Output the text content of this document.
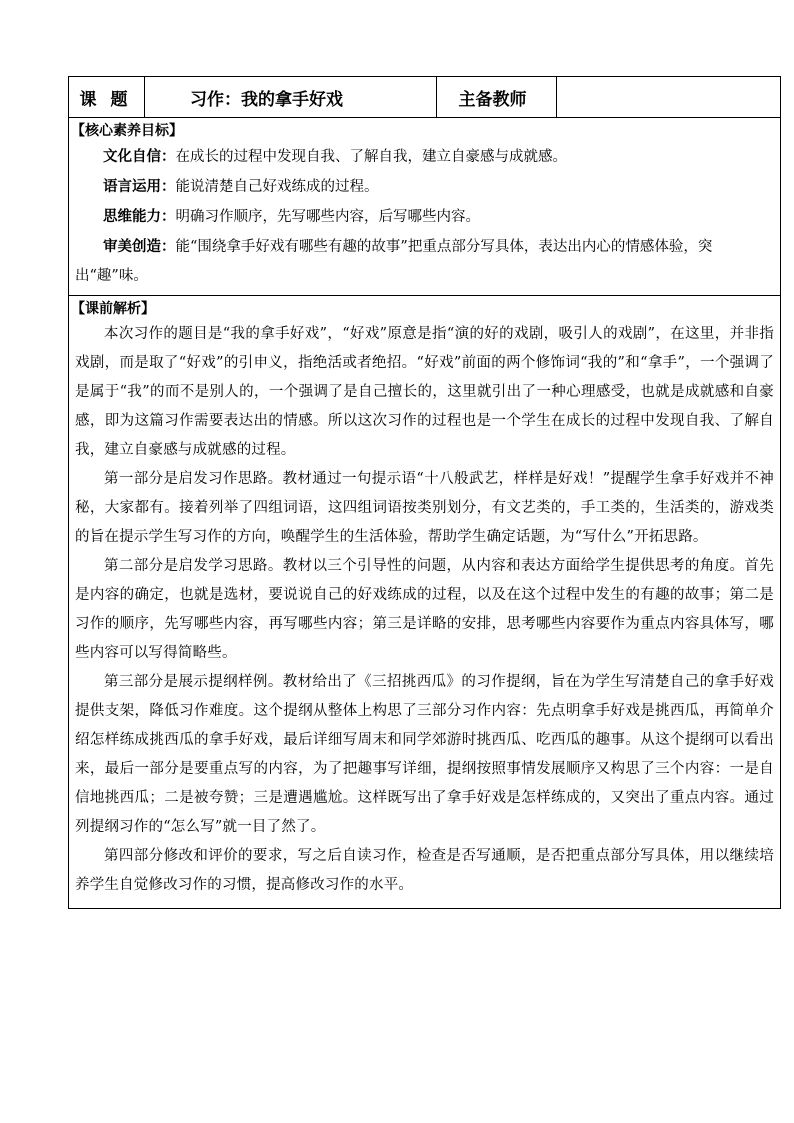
课题	习作：我的拿手好戏	主备教师	

【核心素养目标】
文化自信：在成长的过程中发现自我、了解自我，建立自豪感与成就感。
语言运用：能说清楚自己好戏练成的过程。
思维能力：明确习作顺序，先写哪些内容，后写哪些内容。
审美创造：能“围绕拿手好戏有哪些有趣的故事”把重点部分写具体，表达出内心的情感体验，突出“趣”味。

【课前解析】

本次习作的题目是“我的拿手好戏”，“好戏”原意是指“演的好的戏剧，吸引人的戏剧”，在这里，并非指戏剧，而是取了“好戏”的引申义，指绝活或者绝招。“好戏”前面的两个修饰词“我的”和“拿手”，一个强调了是属于“我”的而不是别人的，一个强调了是自己擅长的，这里就引出了一种心理感受，也就是成就感和自豪感，即为这篇习作需要表达出的情感。所以这次习作的过程也是一个学生在成长的过程中发现自我、了解自我，建立自豪感与成就感的过程。

第一部分是启发习作思路。教材通过一句提示语“十八般武艺，样样是好戏！”提醒学生拿手好戏并不神秘，大家都有。接着列举了四组词语，这四组词语按类别划分，有文艺类的，手工类的，生活类的，游戏类的旨在提示学生写习作的方向，唤醒学生的生活体验，帮助学生确定话题，为“写什么”开拓思路。

第二部分是启发学习思路。教材以三个引导性的问题，从内容和表达方面给学生提供思考的角度。首先是内容的确定，也就是选材，要说说自己的好戏练成的过程，以及在这个过程中发生的有趣的故事；第二是习作的顺序，先写哪些内容，再写哪些内容；第三是详略的安排，思考哪些内容要作为重点内容具体写，哪些内容可以写得简略些。

第三部分是展示提纲样例。教材给出了《三招挑西瓜》的习作提纲，旨在为学生写清楚自己的拿手好戏提供支架，降低习作难度。这个提纲从整体上构思了三部分习作内容：先点明拿手好戏是挑西瓜，再简单介绍怎样练成挑西瓜的拿手好戏，最后详细写周末和同学郊游时挑西瓜、吃西瓜的趣事。从这个提纲可以看出来，最后一部分是要重点写的内容，为了把趣事写详细，提纲按照事情发展顺序又构思了三个内容：一是自信地挑西瓜；二是被夸赞；三是遭遇尴尬。这样既写出了拿手好戏是怎样练成的，又突出了重点内容。通过列提纲习作的“怎么写”就一目了然了。

第四部分修改和评价的要求，写之后自读习作，检查是否写通顺，是否把重点部分写具体，用以继续培养学生自觉修改习作的习惯，提高修改习作的水平。
